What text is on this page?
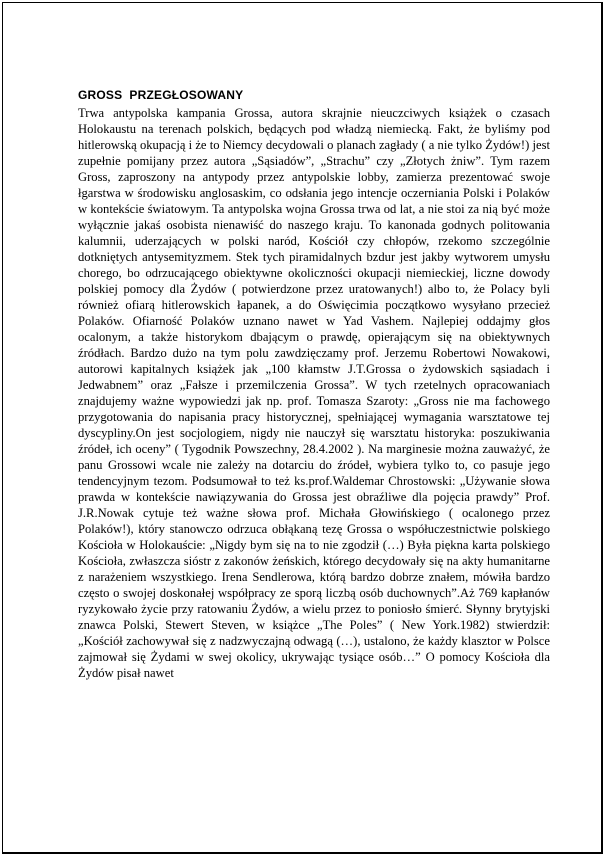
GROSS  PRZEGŁOSOWANY

Trwa antypolska kampania Grossa, autora skrajnie nieuczciwych książek o czasach Holokaustu na terenach polskich, będących pod władzą niemiecką. Fakt, że byliśmy pod hitlerowską okupacją i że to Niemcy decydowali o planach zagłady ( a nie tylko Żydów!) jest zupełnie pomijany przez autora „Sąsiadów”, „Strachu” czy „Złotych żniw”. Tym razem Gross, zaproszony na antypody przez antypolskie lobby, zamierza prezentować swoje łgarstwa w środowisku anglosaskim, co odsłania jego intencje oczerniania Polski i Polaków w kontekście światowym. Ta antypolska wojna Grossa trwa od lat, a nie stoi za nią być może wyłącznie jakaś osobista nienawiść do naszego kraju. To kanonada godnych politowania kalumnii, uderzających w polski naród, Kościół czy chłopów, rzekomo szczególnie dotkniętych antysemityzmem. Stek tych piramidalnych bzdur jest jakby wytworem umysłu chorego, bo odrzucającego obiektywne okoliczności okupacji niemieckiej, liczne dowody polskiej pomocy dla Żydów ( potwierdzone przez uratowanych!) albo to, że Polacy byli również ofiarą hitlerowskich łapanek, a do Oświęcimia początkowo wysyłano przecież Polaków. Ofiarność Polaków uznano nawet w Yad Vashem. Najlepiej oddajmy głos ocalonym, a także historykom dbającym o prawdę, opierającym się na obiektywnych źródłach. Bardzo dużo na tym polu zawdzięczamy prof. Jerzemu Robertowi Nowakowi, autorowi kapitalnych książek jak „100 kłamstw J.T.Grossa o żydowskich sąsiadach i Jedwabnem” oraz „Fałsze i przemilczenia Grossa”. W tych rzetelnych opracowaniach znajdujemy ważne wypowiedzi jak np. prof. Tomasza Szaroty: „Gross nie ma fachowego przygotowania do napisania pracy historycznej, spełniającej wymagania warsztatowe tej dyscypliny.On jest socjologiem, nigdy nie nauczył się warsztatu historyka: poszukiwania źródeł, ich oceny” ( Tygodnik Powszechny, 28.4.2002 ). Na marginesie można zauważyć, że panu Grossowi wcale nie zależy na dotarciu do źródeł, wybiera tylko to, co pasuje jego tendencyjnym tezom. Podsumował to też ks.prof.Waldemar Chrostowski: „Używanie słowa prawda w kontekście nawiązywania do Grossa jest obraźliwe dla pojęcia prawdy” Prof. J.R.Nowak cytuje też ważne słowa prof. Michała Głowińskiego ( ocalonego przez Polaków!), który stanowczo odrzuca obłąkaną tezę Grossa o współuczestnictwie polskiego Kościoła w Holokauście: „Nigdy bym się na to nie zgodził (…) Była piękna karta polskiego Kościoła, zwłaszcza sióstr z zakonów żeńskich, którego decydowały się na akty humanitarne z narażeniem wszystkiego. Irena Sendlerowa, którą bardzo dobrze znałem, mówiła bardzo często o swojej doskonałej współpracy ze sporą liczbą osób duchownych”.Aż 769 kapłanów ryzykowało życie przy ratowaniu Żydów, a wielu przez to poniosło śmierć. Słynny brytyjski znawca Polski, Stewert Steven, w książce „The Poles” ( New York.1982) stwierdził: „Kościół zachowywał się z nadzwyczajną odwagą (…), ustalono, że każdy klasztor w Polsce zajmował się Żydami w swej okolicy, ukrywając tysiące osób…” O pomocy Kościoła dla Żydów pisał nawet
